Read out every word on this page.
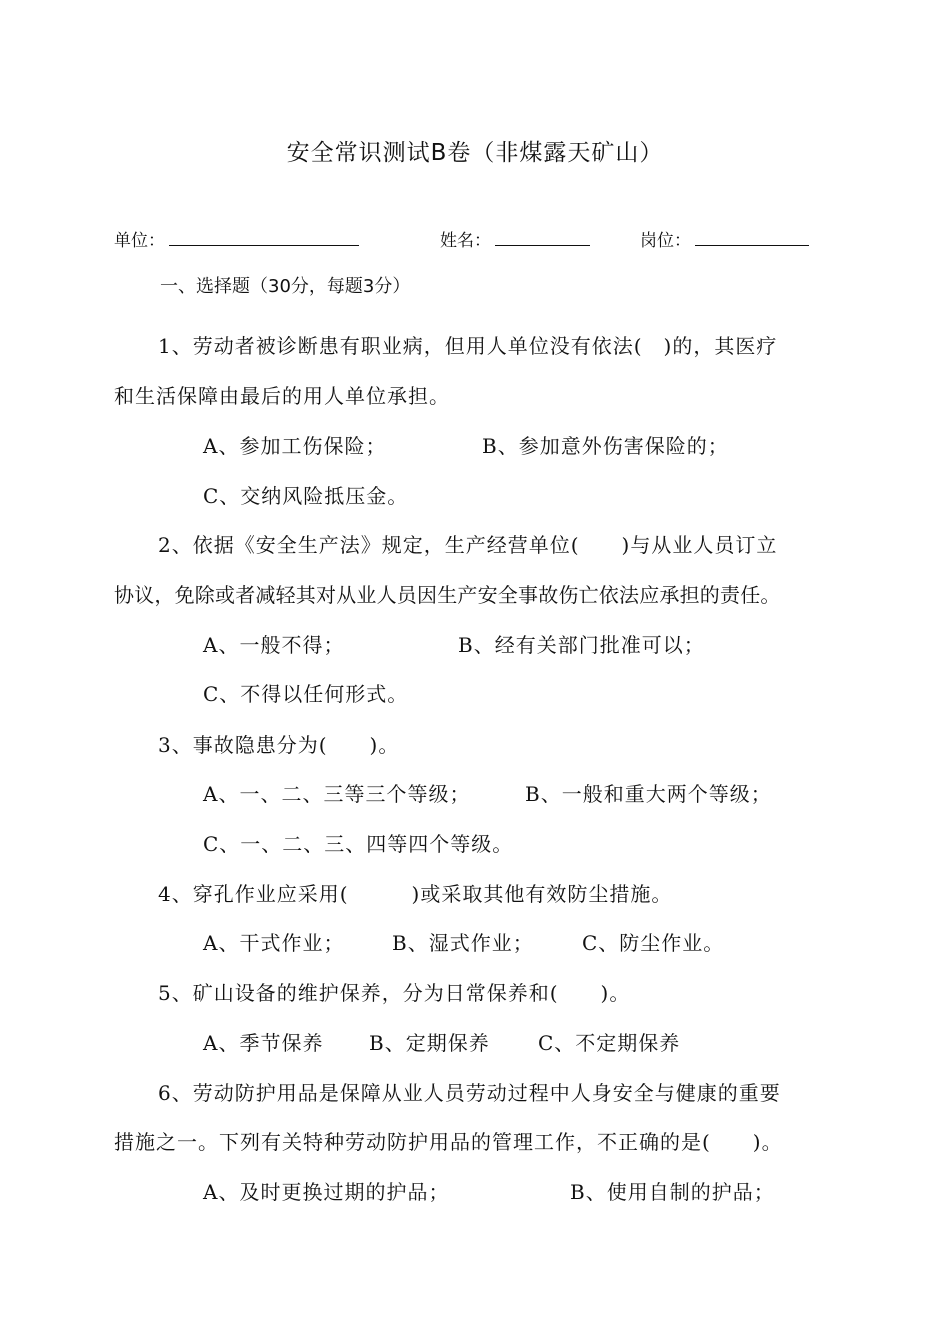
安全常识测试B卷（非煤露天矿山）
单位：	姓名：	岗位：
一、选择题（30分，每题3分）
1、劳动者被诊断患有职业病，但用人单位没有依法(　)的，其医疗
和生活保障由最后的用人单位承担。
A、参加工伤保险；	B、参加意外伤害保险的；
C、交纳风险抵压金。
2、依据《安全生产法》规定，生产经营单位(　　)与从业人员订立
协议，免除或者减轻其对从业人员因生产安全事故伤亡依法应承担的责任。
A、一般不得；	B、经有关部门批准可以；
C、不得以任何形式。
3、事故隐患分为(　　)。
A、一、二、三等三个等级；	B、一般和重大两个等级；
C、一、二、三、四等四个等级。
4、穿孔作业应采用(　　　)或采取其他有效防尘措施。
A、干式作业； B、湿式作业； C、防尘作业。
5、矿山设备的维护保养，分为日常保养和(　　)。
A、季节保养 B、定期保养 C、不定期保养
6、劳动防护用品是保障从业人员劳动过程中人身安全与健康的重要
措施之一。下列有关特种劳动防护用品的管理工作，不正确的是(　　)。
A、及时更换过期的护品；	B、使用自制的护品；
